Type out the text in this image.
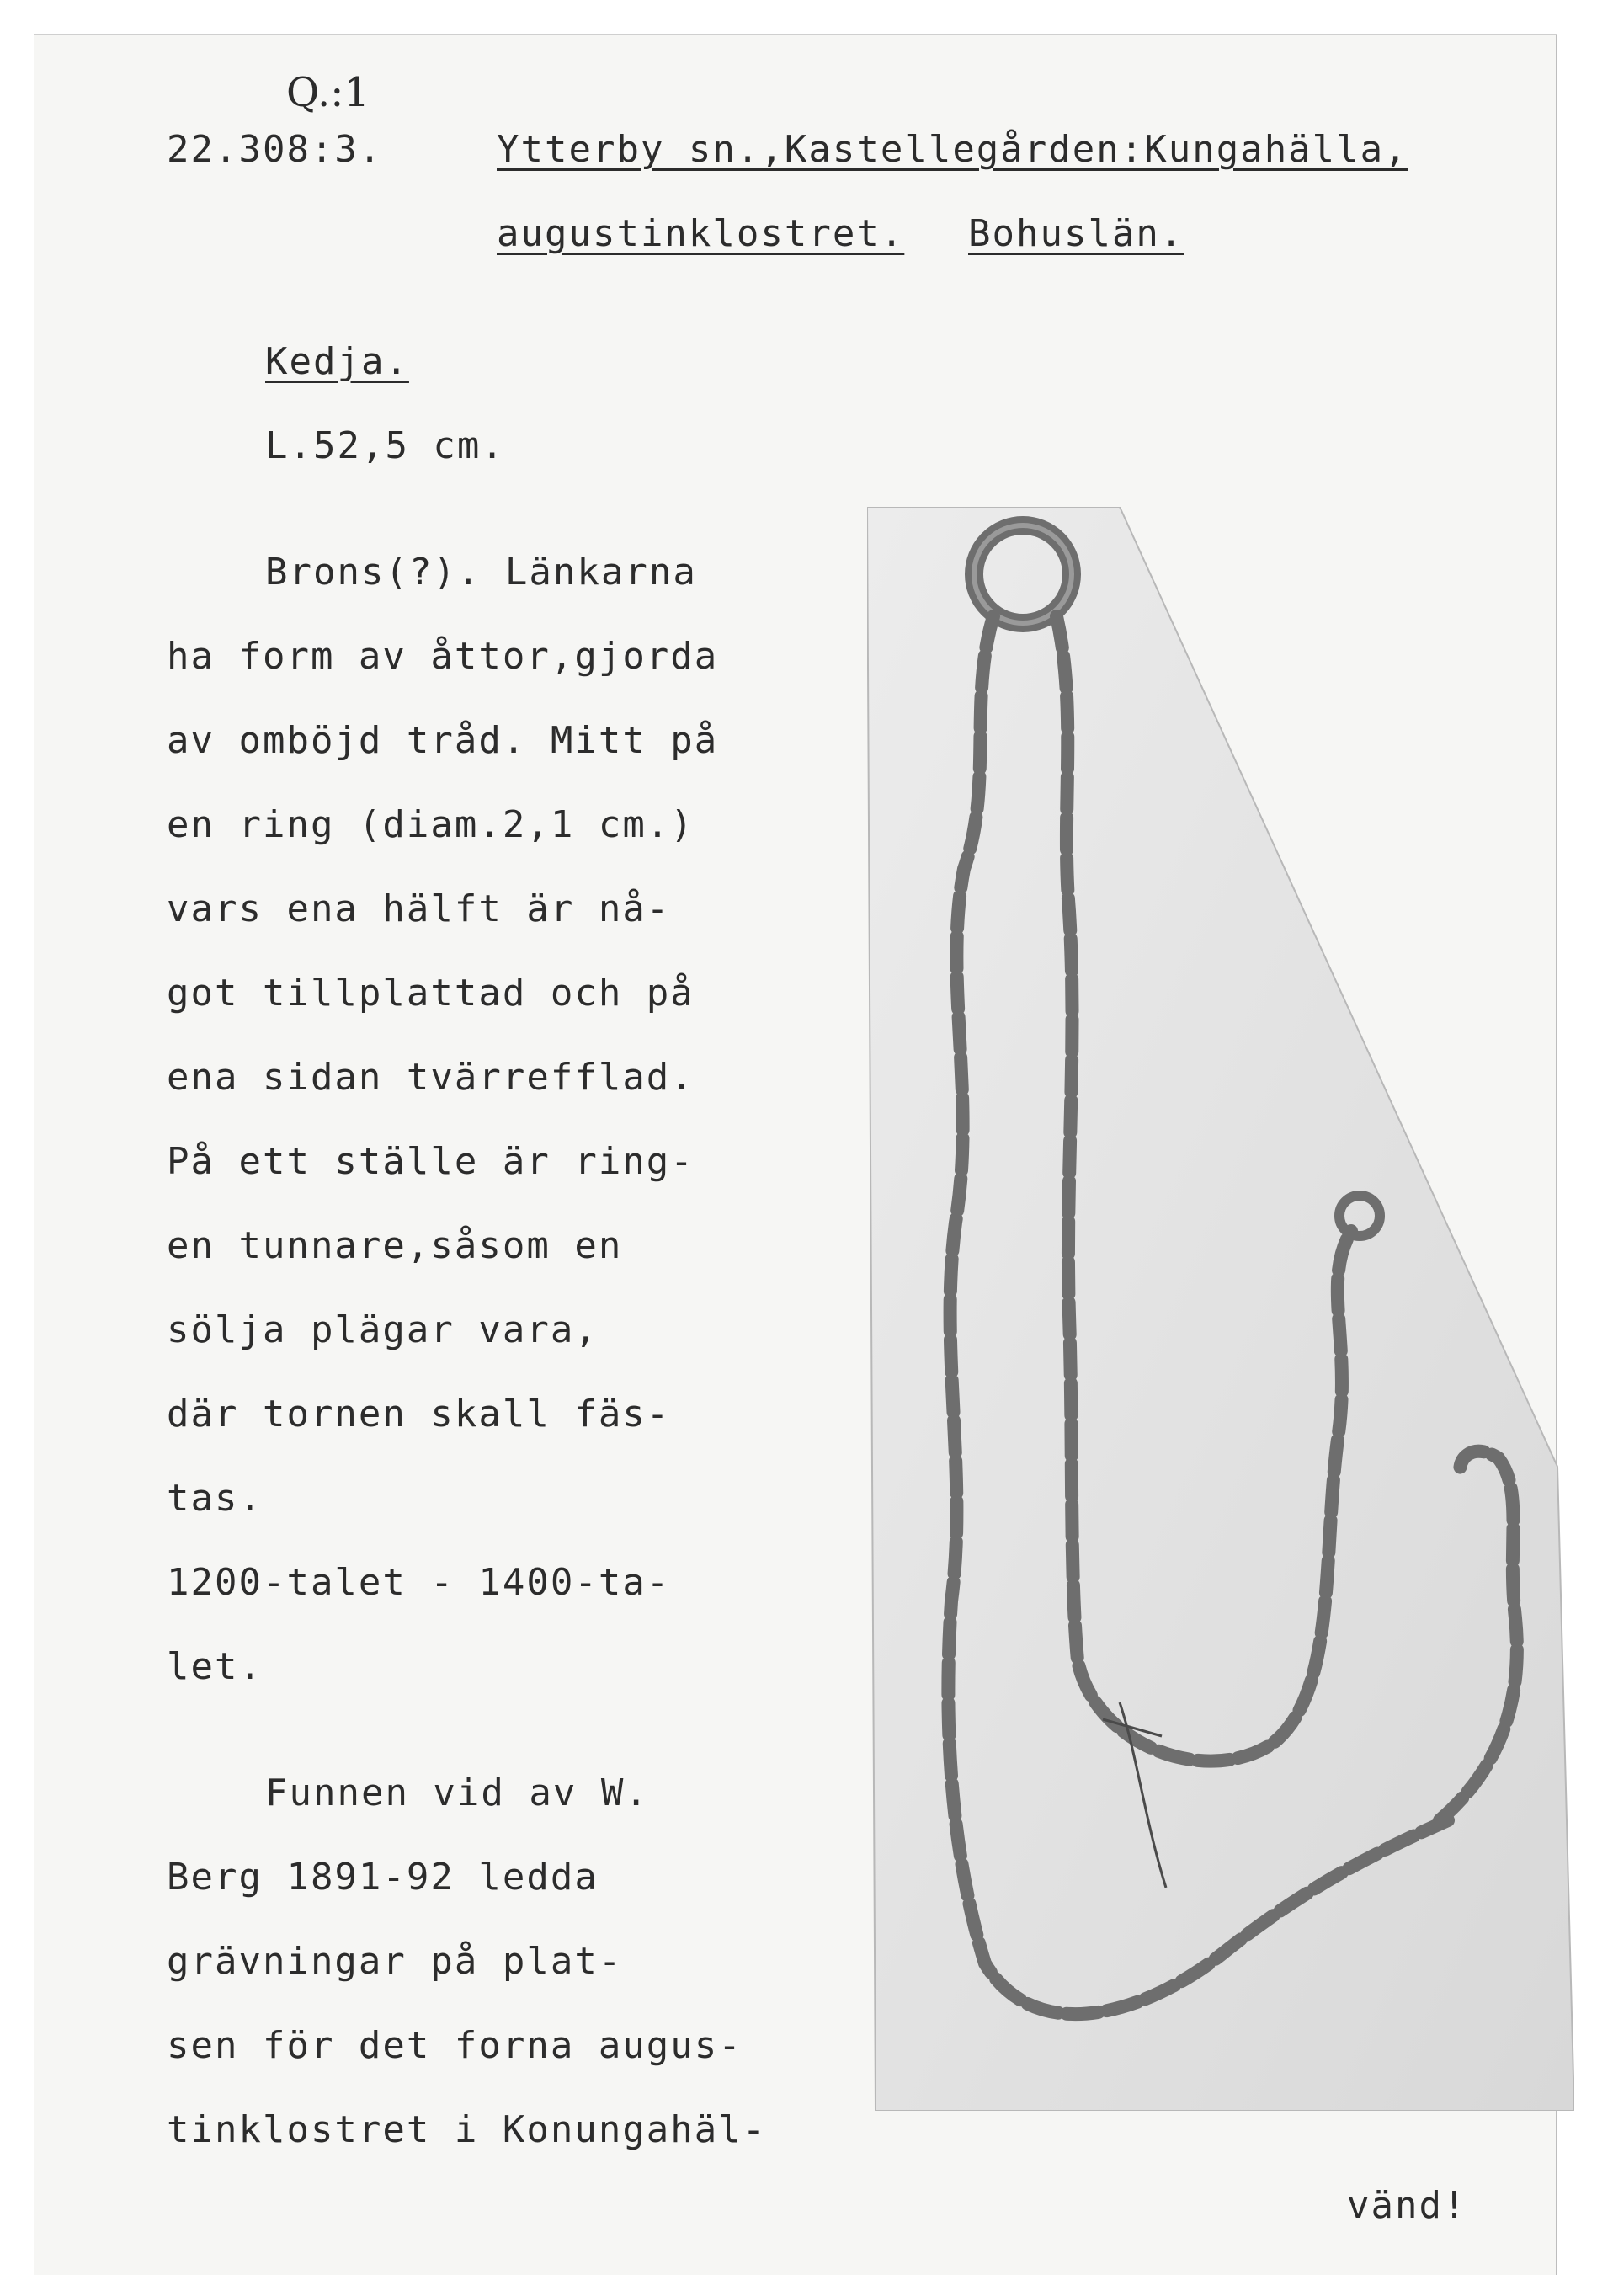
Q.:1
22.308:3.	Ytterby sn.,Kastellegården:Kungahälla,
augustinklostret. Bohuslän.
Kedja.
L.52,5 cm.
Brons(?). Länkarna
ha form av åttor,gjorda
av omböjd tråd. Mitt på
en ring (diam.2,1 cm.)
vars ena hälft är nå-
got tillplattad och på
ena sidan tvärrefflad.
På ett ställe är ring-
en tunnare,såsom en
sölja plägar vara,
där tornen skall fäs-
tas.
1200-talet - 1400-ta-
let.
Funnen vid av W.
Berg 1891-92 ledda
grävningar på plat-
sen för det forna augus-
tinklostret i Konungahäl-
vänd!
